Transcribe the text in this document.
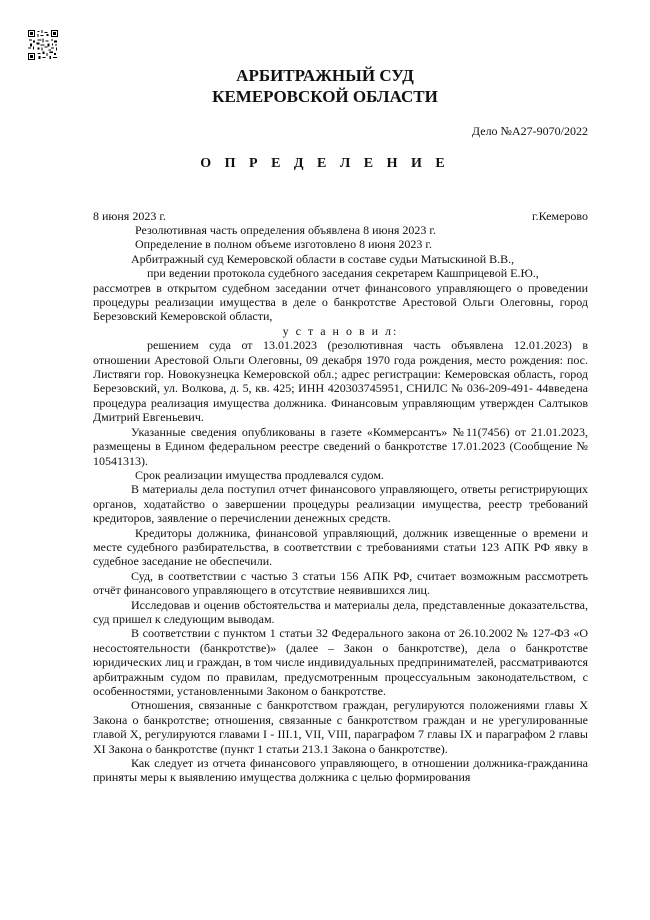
АРБИТРАЖНЫЙ СУД
КЕМЕРОВСКОЙ ОБЛАСТИ
Дело №А27-9070/2022
О П Р Е Д Е Л Е Н И Е
8 июня 2023 г.	г.Кемерово

Резолютивная часть определения объявлена 8 июня 2023 г.

Определение в полном объеме изготовлено 8 июня 2023 г.

Арбитражный суд Кемеровской области в составе судьи Матыскиной В.В.,

при ведении протокола судебного заседания секретарем Кашприцевой Е.Ю.,

рассмотрев в открытом судебном заседании отчет финансового управляющего о проведении процедуры реализации имущества в деле о банкротстве Арестовой Ольги Олеговны, город Березовский Кемеровской области,

у с т а н о в и л:

решением суда от 13.01.2023 (резолютивная часть объявлена 12.01.2023) в отношении Арестовой Ольги Олеговны, 09 декабря 1970 года рождения, место рождения: пос. Листвяги гор. Новокузнецка Кемеровской обл.; адрес регистрации: Кемеровская область, город Березовский, ул. Волкова, д. 5, кв. 425; ИНН 420303745951, СНИЛС № 036-209-491- 44введена процедура реализация имущества должника. Финансовым управляющим утвержден Салтыков Дмитрий Евгеньевич.

Указанные сведения опубликованы в газете «Коммерсантъ» №11(7456) от 21.01.2023, размещены в Едином федеральном реестре сведений о банкротстве 17.01.2023 (Сообщение № 10541313).

Срок реализации имущества продлевался судом.

В материалы дела поступил отчет финансового управляющего, ответы регистрирующих органов, ходатайство о завершении процедуры реализации имущества, реестр требований кредиторов, заявление о перечислении денежных средств.

Кредиторы должника, финансовой управляющий, должник извещенные о времени и месте судебного разбирательства, в соответствии с требованиями статьи 123 АПК РФ явку в судебное заседание не обеспечили.

Суд, в соответствии с частью 3 статьи 156 АПК РФ, считает возможным рассмотреть отчёт финансового управляющего в отсутствие неявившихся лиц.

Исследовав и оценив обстоятельства и материалы дела, представленные доказательства, суд пришел к следующим выводам.

В соответствии с пунктом 1 статьи 32 Федерального закона от 26.10.2002 № 127-ФЗ «О несостоятельности (банкротстве)» (далее – Закон о банкротстве), дела о банкротстве юридических лиц и граждан, в том числе индивидуальных предпринимателей, рассматриваются арбитражным судом по правилам, предусмотренным процессуальным законодательством, с особенностями, установленными Законом о банкротстве.

Отношения, связанные с банкротством граждан, регулируются положениями главы X Закона о банкротстве; отношения, связанные с банкротством граждан и не урегулированные главой X, регулируются главами I - III.1, VII, VIII, параграфом 7 главы IX и параграфом 2 главы XI Закона о банкротстве (пункт 1 статьи 213.1 Закона о банкротстве).

Как следует из отчета финансового управляющего, в отношении должника-гражданина приняты меры к выявлению имущества должника с целью формирования
